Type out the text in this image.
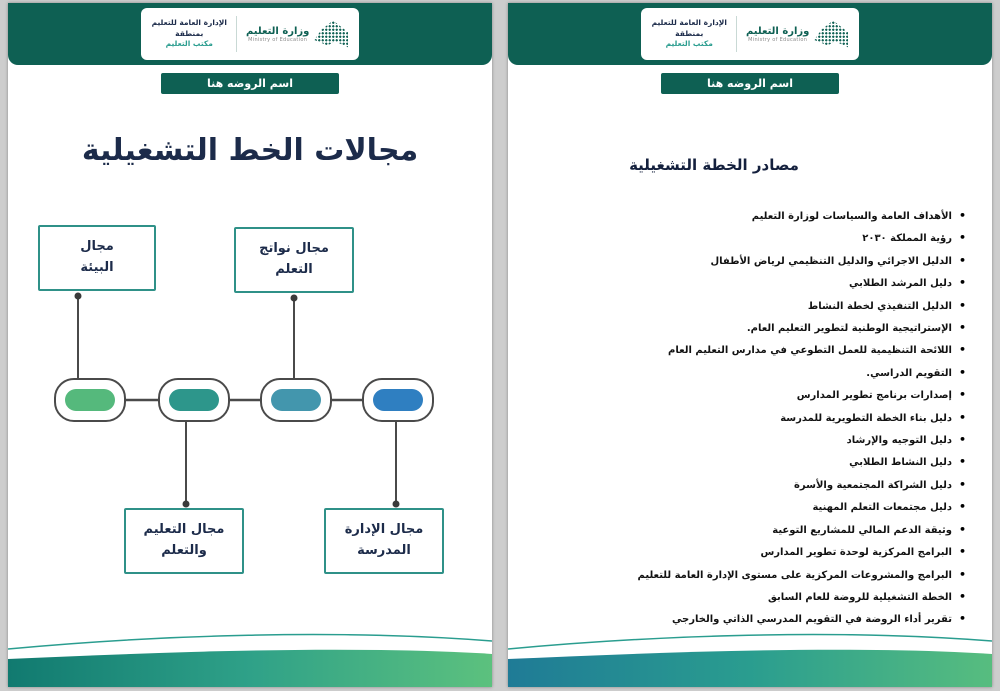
الإدارة العامة للتعليم
بمنطقة
مكتب التعليم
وزارة التعليم
Ministry of Education
اسم الروضه هنا
مجالات الخط التشغيلية
مجال
البيئة
مجال نواتج
التعلم
مجال التعليم
والتعلم
مجال الإدارة
المدرسة
الإدارة العامة للتعليم
بمنطقة
مكتب التعليم
وزارة التعليم
Ministry of Education
اسم الروضه هنا
مصادر الخطة التشغيلية
• الأهداف العامة والسياسات لوزارة التعليم
• رؤية المملكة ٢٠٣٠
• الدليل الاجرائي والدليل التنظيمي لرياض الأطفال
• دليل المرشد الطلابي
• الدليل التنفيذي لخطة النشاط
• الإستراتيجية الوطنية لتطوير التعليم العام.
• اللائحة التنظيمية للعمل التطوعي في مدارس التعليم العام
• التقويم الدراسي.
• إصدارات برنامج تطوير المدارس
• دليل بناء الخطة التطويرية للمدرسة
• دليل التوجيه والإرشاد
• دليل النشاط الطلابي
• دليل الشراكة المجتمعية والأسرة
• دليل مجتمعات التعلم المهنية
• وثيقة الدعم المالي للمشاريع التوعية
• البرامج المركزية لوحدة تطوير المدارس
• البرامج والمشروعات المركزية على مستوى الإدارة العامة للتعليم
• الخطة التشغيلية للروضة للعام السابق
• تقرير أداء الروضة في التقويم المدرسي الذاتي والخارجي
